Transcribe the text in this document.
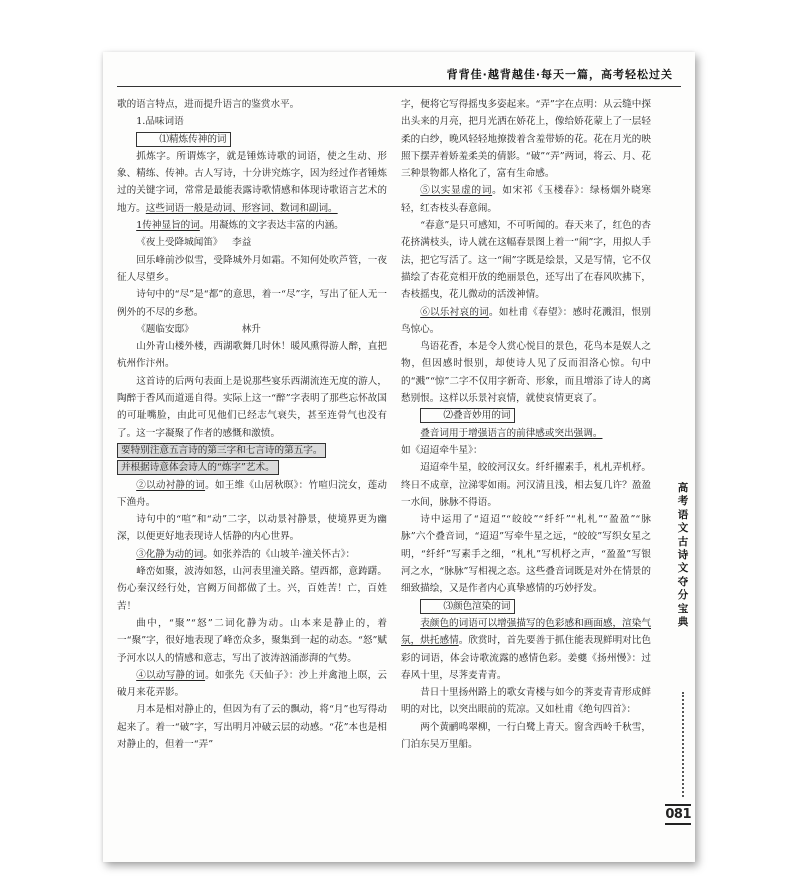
背背佳·越背越佳·每天一篇，高考轻松过关

歌的语言特点，进而提升语言的鉴赏水平。

1.品味词语

⑴精炼传神的词

抓炼字。所谓炼字，就是锤炼诗歌的词语，使之生动、形象、精练、传神。古人写诗，十分讲究炼字，因为经过作者锤炼过的关键字词，常常是最能表露诗歌情感和体现诗歌语言艺术的地方。这些词语一般是动词、形容词、数词和副词。

1传神显旨的词。用凝炼的文字表达丰富的内涵。

《夜上受降城闻笛》  李益

回乐峰前沙似雪，受降城外月如霜。不知何处吹芦管，一夜征人尽望乡。

诗句中的“尽”是“都”的意思，着一“尽”字，写出了征人无一例外的不尽的乡愁。

《题临安邸》     	林升

山外青山楼外楼，西湖歌舞几时休！暖风熏得游人醉，直把杭州作汴州。

这首诗的后两句表面上是说那些宴乐西湖流连无度的游人，陶醉于香风而道遥自得。实际上这一“醉”字表明了那些忘怀故国的可耻嘴脸，由此可见他们已经志气衰失，甚至连骨气也没有了。这一字凝聚了作者的感慨和激愤。

要特别注意五言诗的第三字和七言诗的第五字。

并根据诗意体会诗人的“炼字”艺术。

②以动衬静的词。如王维《山居秋暝》：竹喧归浣女，莲动下渔舟。

诗句中的“喧”和“动”二字，以动景衬静景，使境界更为幽深，以便更好地表现诗人恬静的内心世界。

③化静为动的词。如张养浩的《山坡羊·潼关怀古》：

峰峦如聚，波涛如怒，山河表里潼关路。望西都，意踌躇。伤心秦汉经行处，宫阙万间都做了土。兴，百姓苦！亡，百姓苦！

曲中，“聚”“怒”二词化静为动。山本来是静止的，着一“聚”字，很好地表现了峰峦众多，聚集到一起的动态。“怒”赋予河水以人的情感和意志，写出了波涛汹涌澎湃的气势。

④以动写静的词。如张先《天仙子》：沙上并禽池上暝，云破月来花弄影。

月本是相对静止的，但因为有了云的飘动，将“月”也写得动起来了。着一“破”字，写出明月冲破云层的动感。“花”本也是相对静止的，但着一“弄”

字，便将它写得摇曳多姿起来。“弄”字在点明：从云缝中探出头来的月亮，把月光洒在娇花上，像给娇花蒙上了一层轻柔的白纱，晚风轻轻地撩拨着含羞带娇的花。花在月光的映照下摆弄着娇羞柔美的倩影。“破”“弄”两词，将云、月、花三种景物都人格化了，富有生命感。

⑤以实显虚的词。如宋祁《玉楼春》：绿杨烟外晓寒轻，红杏枝头春意闹。

“春意”是只可感知，不可听闻的。春天来了，红色的杏花挤满枝头，诗人就在这幅春景图上着一“闹”字，用拟人手法，把它写活了。这一“闹”字既是绘景，又是写情，它不仅描绘了杏花竞相开放的绝丽景色，还写出了在春风吹拂下，杏枝摇曳，花儿微动的活泼神情。

⑥以乐衬哀的词。如杜甫《春望》：感时花溅泪，恨别鸟惊心。

鸟语花香，本是令人赏心悦目的景色，花鸟本是娱人之物，但因感时恨别，却使诗人见了反而泪洛心惊。句中的“溅”“惊”二字不仅用字新奇、形象，而且增添了诗人的离愁别恨。这样以乐景衬哀情，就使哀情更哀了。

⑵叠音妙用的词

叠音词用于增强语言的前律感或突出强调。

如《迢迢牵牛星》：

迢迢牵牛星，皎皎河汉女。纤纤擢素手，札札弄机杼。终日不成章，泣涕零如雨。河汉清且浅，相去复几许？盈盈一水间，脉脉不得语。

诗中运用了“迢迢”“皎皎”“纤纤”“札札”“盈盈”“脉脉”六个叠音词，“迢迢”写牵牛星之远，“皎皎”写织女星之明，“纤纤”写素手之细，“札札”写机杼之声，“盈盈”写银河之水，“脉脉”写相视之态。这些叠音词既是对外在情景的细致描绘，又是作者内心真挚感情的巧妙抒发。

⑶颜色渲染的词

表颜色的词语可以增强描写的色彩感和画面感，渲染气氛，烘托感情。欣赏时，首先要善于抓住能表现鲜明对比色彩的词语，体会诗歌流露的感情色彩。姜夔《扬州慢》：过春风十里，尽荠麦青青。

昔日十里扬州路上的歌女青楼与如今的荠麦青青形成鲜明的对比，以突出眼前的荒凉。又如杜甫《绝句四首》：

两个黄鹂鸣翠柳，一行白鹭上青天。窗含西岭千秋雪，门泊东吴万里船。

高考语文古诗文夺分宝典
081
